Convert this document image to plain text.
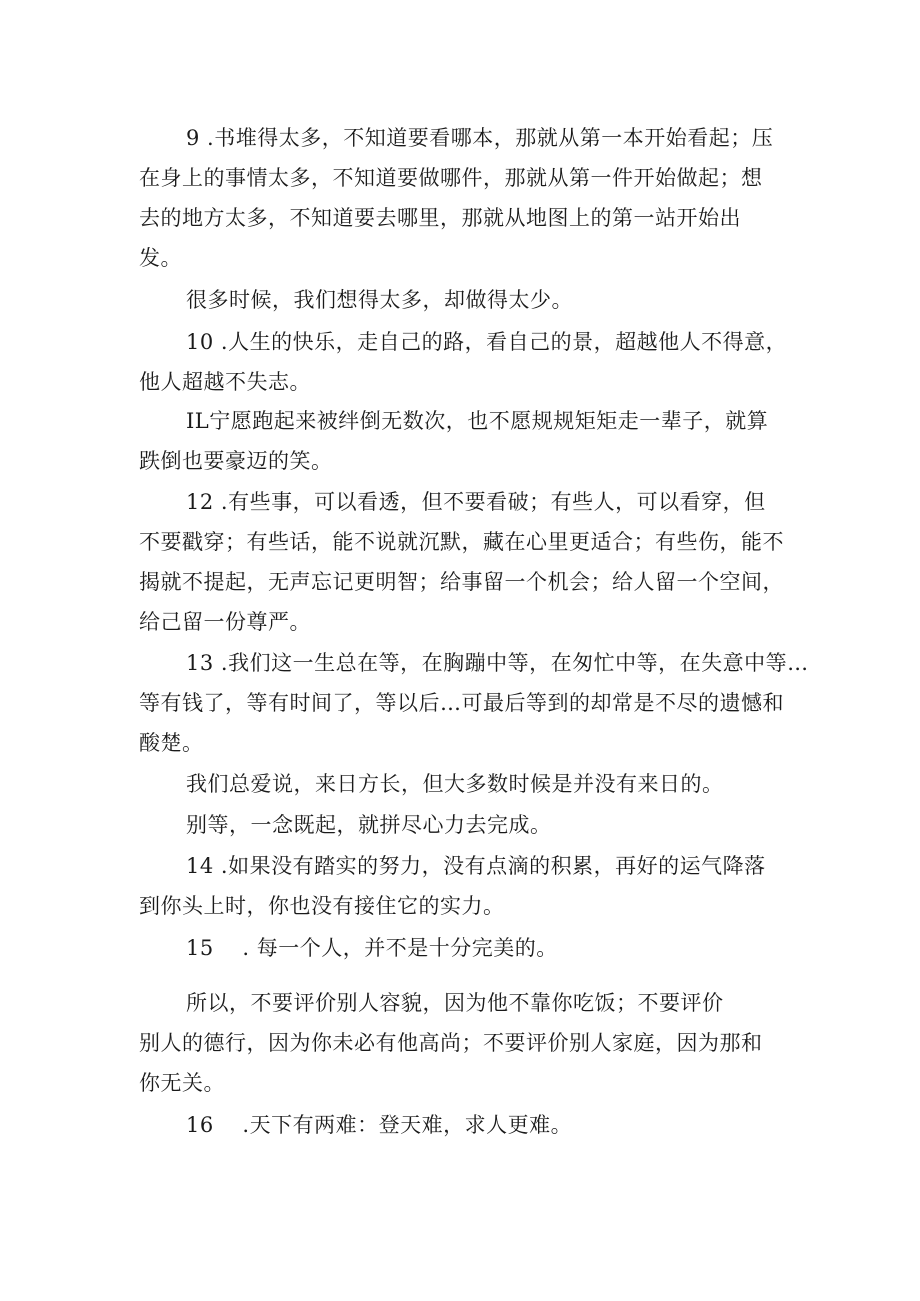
9 .书堆得太多，不知道要看哪本，那就从第一本开始看起；压
在身上的事情太多，不知道要做哪件，那就从第一件开始做起；想
去的地方太多，不知道要去哪里，那就从地图上的第一站开始出
发。
很多时候，我们想得太多，却做得太少。
10 .人生的快乐，走自己的路，看自己的景，超越他人不得意，
他人超越不失志。
IL宁愿跑起来被绊倒无数次，也不愿规规矩矩走一辈子，就算
跌倒也要豪迈的笑。
12 .有些事，可以看透，但不要看破；有些人，可以看穿，但
不要戳穿；有些话，能不说就沉默，藏在心里更适合；有些伤，能不
揭就不提起，无声忘记更明智；给事留一个机会；给人留一个空间，
给己留一份尊严。
13 .我们这一生总在等，在胸蹦中等，在匆忙中等，在失意中等…
等有钱了，等有时间了，等以后…可最后等到的却常是不尽的遗憾和
酸楚。
我们总爱说，来日方长，但大多数时候是并没有来日的。
别等，一念既起，就拼尽心力去完成。
14 .如果没有踏实的努力，没有点滴的积累，再好的运气降落
到你头上时，你也没有接住它的实力。
15　 . 每一个人，并不是十分完美的。
所以，不要评价别人容貌，因为他不靠你吃饭；不要评价
别人的德行，因为你未必有他高尚；不要评价别人家庭，因为那和
你无关。
16　 .天下有两难：登天难，求人更难。
